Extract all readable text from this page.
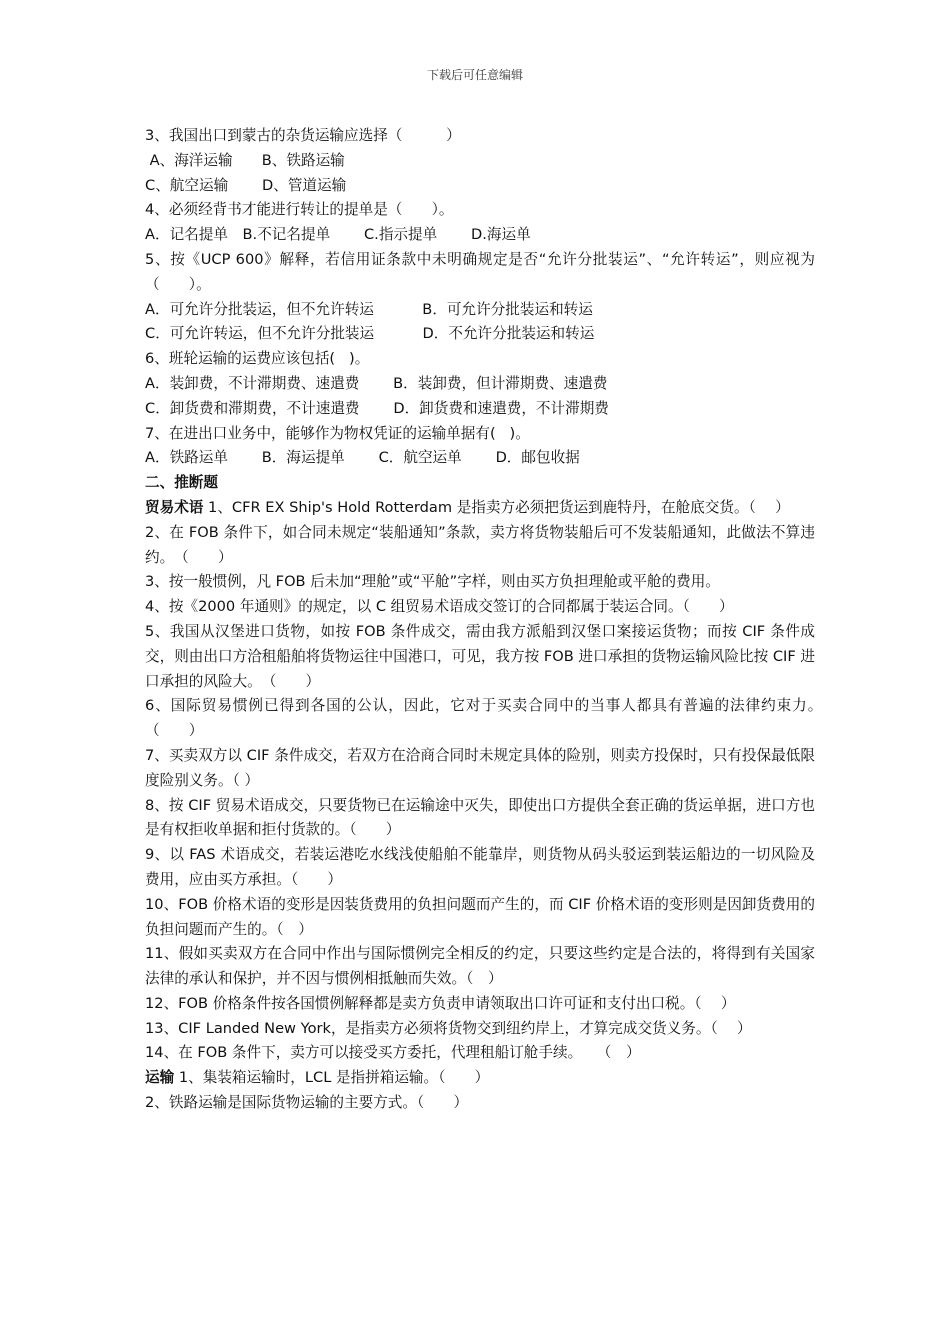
下载后可任意编辑
3、我国出口到蒙古的杂货运输应选择（　　　）
A、海洋运输　　B、铁路运输
C、航空运输　　 D、管道运输
4、必须经背书才能进行转让的提单是（　　）。
A．记名提单　B.不记名提单　　 C.指示提单　　 D.海运单
5、按《UCP 600》解释，若信用证条款中未明确规定是否“允许分批装运”、“允许转运”，则应视为（　　）。
A．可允许分批装运，但不允许转运　　　 B．可允许分批装运和转运
C．可允许转运，但不允许分批装运　　　 D．不允许分批装运和转运
6、班轮运输的运费应该包括(   )。
A．装卸费，不计滞期费、速遣费　　 B．装卸费，但计滞期费、速遣费
C．卸货费和滞期费，不计速遣费　　 D．卸货费和速遣费，不计滞期费
7、在进出口业务中，能够作为物权凭证的运输单据有(   )。
A．铁路运单　　 B．海运提单　　 C．航空运单　　 D．邮包收据
二、推断题
贸易术语 1、CFR EX Ship's Hold Rotterdam 是指卖方必须把货运到鹿特丹，在舱底交货。（　 ）
2、在 FOB 条件下，如合同未规定“装船通知”条款，卖方将货物装船后可不发装船通知，此做法不算违约。　（　　）
3、按一般惯例，凡 FOB 后未加“理舱”或“平舱”字样，则由买方负担理舱或平舱的费用。
4、按《2000 年通则》的规定，以 C 组贸易术语成交签订的合同都属于装运合同。（　　）
5、我国从汉堡进口货物，如按 FOB 条件成交，需由我方派船到汉堡口案接运货物；而按 CIF 条件成交，则由出口方洽租船舶将货物运往中国港口，可见，我方按 FOB 进口承担的货物运输风险比按 CIF 进口承担的风险大。　（　　）
6、国际贸易惯例已得到各国的公认，因此，它对于买卖合同中的当事人都具有普遍的法律约束力。　（　　）
7、买卖双方以 CIF 条件成交，若双方在洽商合同时未规定具体的险别，则卖方投保时，只有投保最低限度险别义务。（ ）
8、按 CIF 贸易术语成交，只要货物已在运输途中灭失，即使出口方提供全套正确的货运单据，进口方也是有权拒收单据和拒付货款的。（　　）
9、以 FAS 术语成交，若装运港吃水线浅使船舶不能靠岸，则货物从码头驳运到装运船边的一切风险及费用，应由买方承担。（　　）
10、FOB 价格术语的变形是因装货费用的负担问题而产生的，而 CIF 价格术语的变形则是因卸货费用的负担问题而产生的。（　）
11、假如买卖双方在合同中作出与国际惯例完全相反的约定，只要这些约定是合法的，将得到有关国家法律的承认和保护，并不因与惯例相抵触而失效。（　）
12、FOB 价格条件按各国惯例解释都是卖方负责申请领取出口许可证和支付出口税。（　 ）
13、CIF Landed New York，是指卖方必须将货物交到纽约岸上，才算完成交货义务。（　 ）
14、在 FOB 条件下，卖方可以接受买方委托，代理租船订舱手续。　　（　）
运输 1、集装箱运输时，LCL 是指拼箱运输。（　　）
2、铁路运输是国际货物运输的主要方式。（　　）
